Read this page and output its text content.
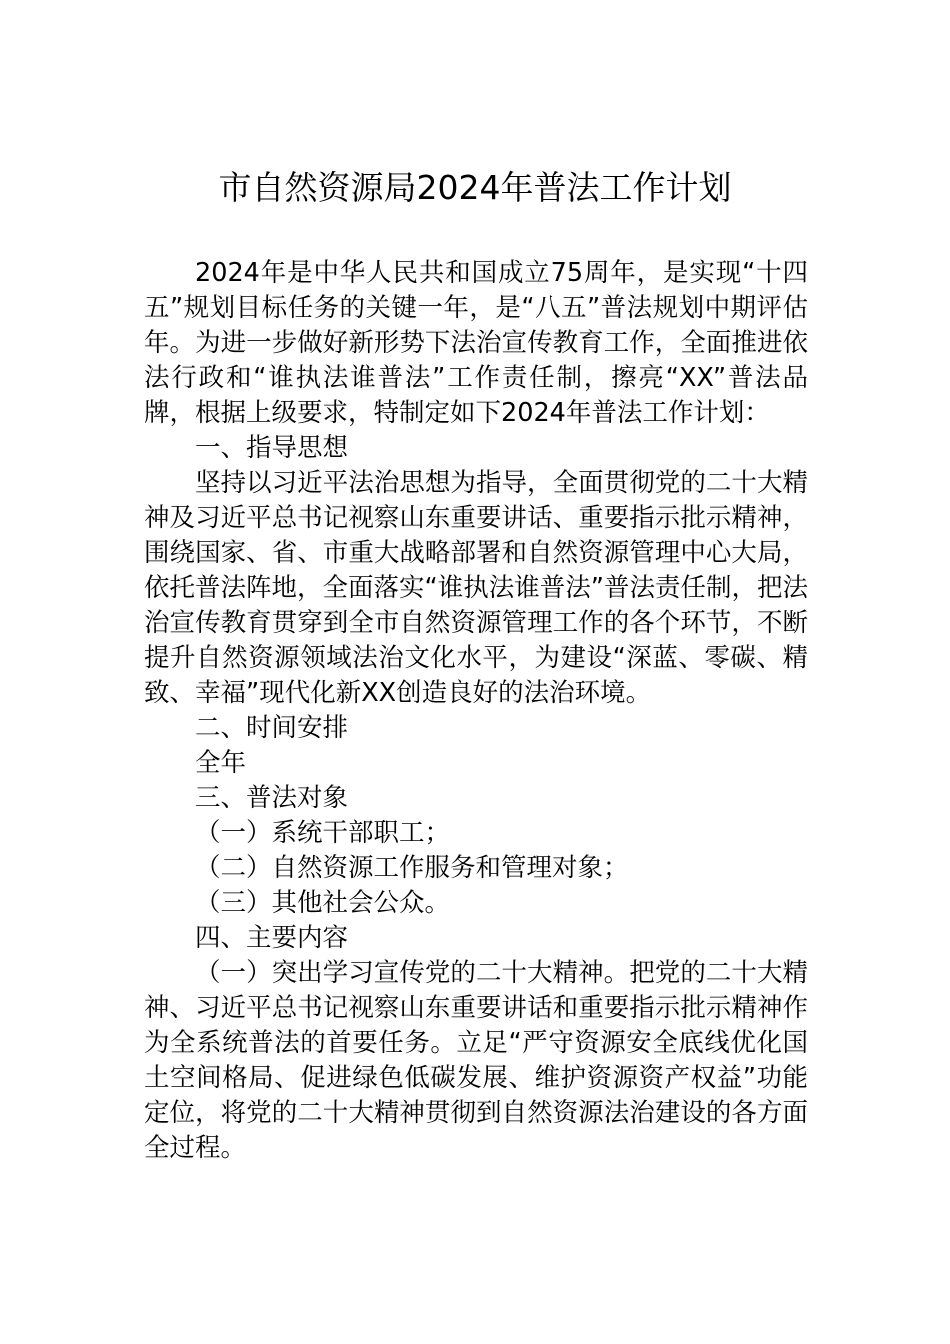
市自然资源局2024年普法工作计划

2024年是中华人民共和国成立75周年，是实现“十四五”规划目标任务的关键一年，是“八五”普法规划中期评估年。为进一步做好新形势下法治宣传教育工作，全面推进依法行政和“谁执法谁普法”工作责任制，擦亮“XX”普法品牌，根据上级要求，特制定如下2024年普法工作计划：

一、指导思想

坚持以习近平法治思想为指导，全面贯彻党的二十大精神及习近平总书记视察山东重要讲话、重要指示批示精神，围绕国家、省、市重大战略部署和自然资源管理中心大局，依托普法阵地，全面落实“谁执法谁普法”普法责任制，把法治宣传教育贯穿到全市自然资源管理工作的各个环节，不断提升自然资源领域法治文化水平，为建设“深蓝、零碳、精致、幸福”现代化新XX创造良好的法治环境。

二、时间安排

全年

三、普法对象

（一）系统干部职工；

（二）自然资源工作服务和管理对象；

（三）其他社会公众。

四、主要内容

（一）突出学习宣传党的二十大精神。把党的二十大精神、习近平总书记视察山东重要讲话和重要指示批示精神作为全系统普法的首要任务。立足“严守资源安全底线优化国土空间格局、促进绿色低碳发展、维护资源资产权益”功能定位，将党的二十大精神贯彻到自然资源法治建设的各方面全过程。
